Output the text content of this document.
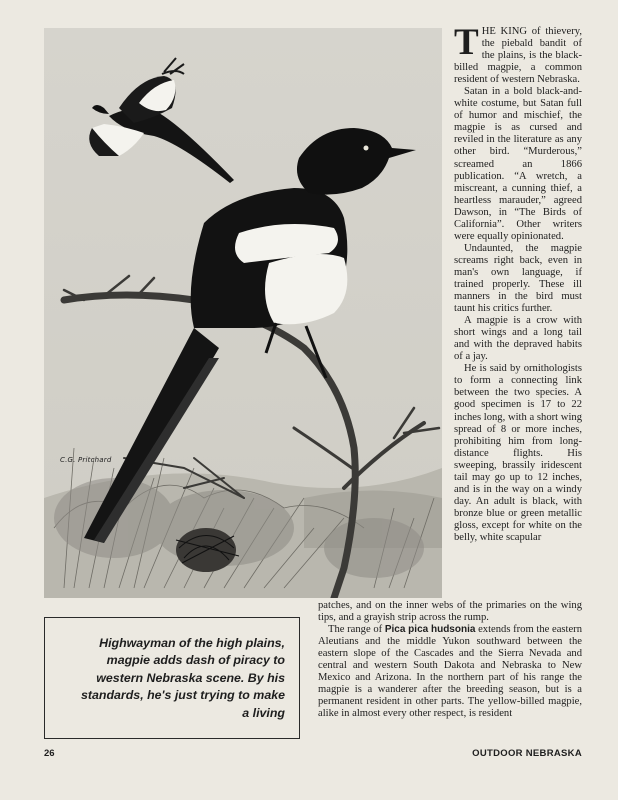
C.G. Pritchard

THE KING of thievery, the piebald bandit of the plains, is the black-billed magpie, a common resident of western Nebraska.

Satan in a bold black-and-white costume, but Satan full of humor and mischief, the magpie is as cursed and reviled in the literature as any other bird. “Murderous,” screamed an 1866 publication. “A wretch, a miscreant, a cunning thief, a heartless marauder,” agreed Dawson, in “The Birds of California”. Other writers were equally opinionated.

Undaunted, the magpie screams right back, even in man's own language, if trained properly. These ill manners in the bird must taunt his critics further.

A magpie is a crow with short wings and a long tail and with the depraved habits of a jay.

He is said by ornithologists to form a connecting link between the two species. A good specimen is 17 to 22 inches long, with a short wing spread of 8 or more inches, prohibiting him from long-distance flights. His sweeping, brassily iridescent tail may go up to 12 inches, and is in the way on a windy day. An adult is black, with bronze blue or green metallic gloss, except for white on the belly, white scapular

patches, and on the inner webs of the primaries on the wing tips, and a grayish strip across the rump.

The range of Pica pica hudsonia extends from the eastern Aleutians and the middle Yukon southward between the eastern slope of the Cascades and the Sierra Nevada and central and western South Dakota and Nebraska to New Mexico and Arizona. In the northern part of his range the magpie is a wanderer after the breeding season, but is a permanent resident in other parts. The yellow-billed magpie, alike in almost every other respect, is resident

Highwayman of the high plains, magpie adds dash of piracy to western Nebraska scene. By his standards, he's just trying to make a living
26	OUTDOOR NEBRASKA
